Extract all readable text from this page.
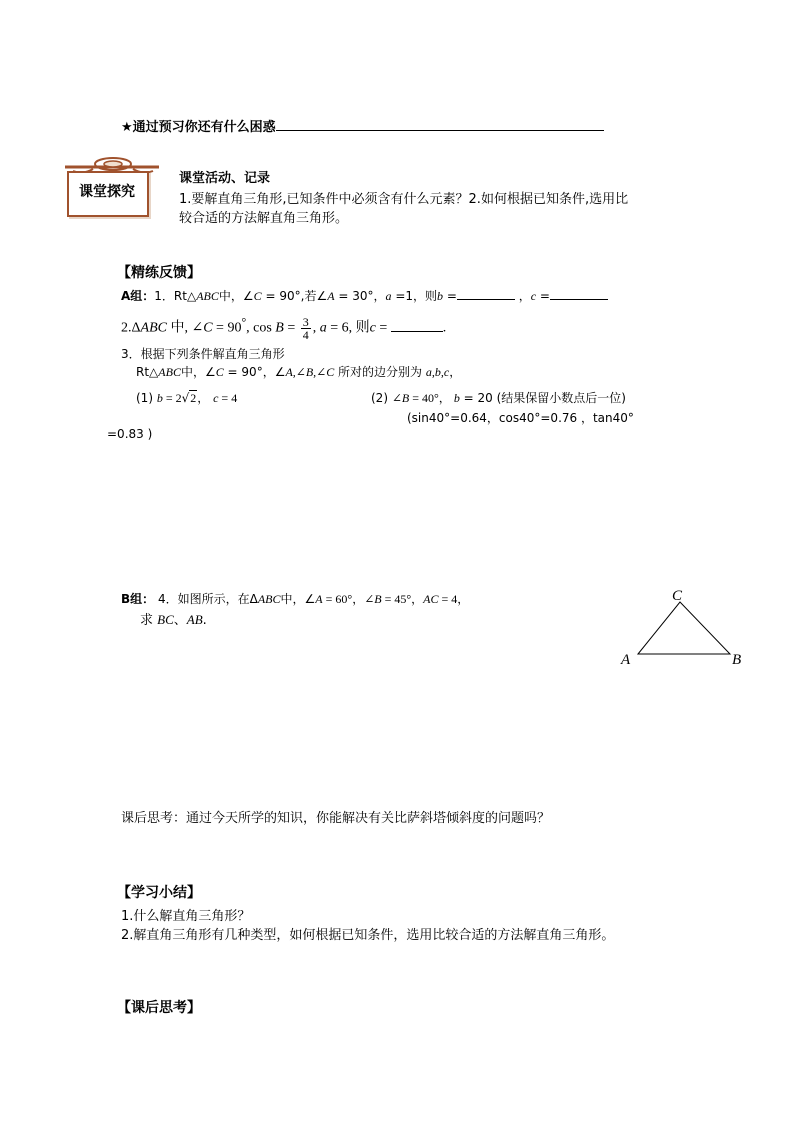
★通过预习你还有什么困惑
课堂探究
课堂活动、记录
1.要解直角三角形,已知条件中必须含有什么元素？2.如何根据已知条件,选用比
较合适的方法解直角三角形。
【精练反馈】
A组：1．Rt△ABC中，∠C = 90°,若∠A = 30°，a =1，则b =	，c =
2.ΔABC 中, ∠C = 90°, $\cos B = \frac{3}{4}$ , a = 6, 则c =	.
3．根据下列条件解直角三角形
Rt△ABC中，∠C = 90°，∠A,∠B,∠C 所对的边分别为 a,b,c，
(1) b = 2√2， c = 4	(2) ∠B = 40°， b = 20 (结果保留小数点后一位)
(sin40°=0.64，cos40°=0.76 ，tan40°
=0.83 )
B组： 4．如图所示，在ΔABC中，∠A = 60°，∠B = 45°，AC = 4，
求 BC、AB.
A	B
C
课后思考：通过今天所学的知识，你能解决有关比萨斜塔倾斜度的问题吗？
【学习小结】
1.什么解直角三角形？
2.解直角三角形有几种类型，如何根据已知条件，选用比较合适的方法解直角三角形。
【课后思考】
